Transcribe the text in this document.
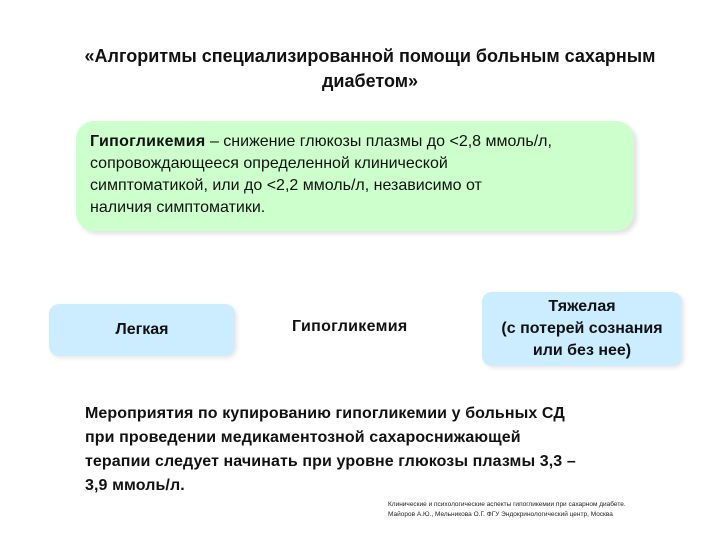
«Алгоритмы специализированной помощи больным сахарным
диабетом»
Гипогликемия – снижение глюкозы плазмы до <2,8 ммоль/л,
сопровождающееся определенной клинической
симптоматикой, или до <2,2 ммоль/л, независимо от
наличия симптоматики.
Легкая	Гипогликемия
Тяжелая
(с потерей сознания
или без нее)
Мероприятия по купированию гипогликемии у больных СД
при проведении медикаментозной сахароснижающей
терапии следует начинать при уровне глюкозы плазмы 3,3 –
3,9 ммоль/л.
Клинические и психологические аспекты гипогликемии при сахарном диабете.
Майоров А.Ю., Мельникова О.Г. ФГУ Эндокринологический центр, Москва
